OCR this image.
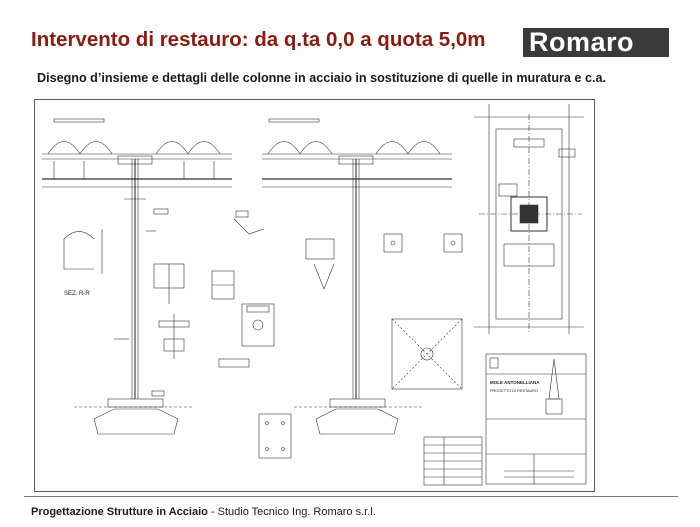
Intervento di restauro: da q.ta 0,0 a quota 5,0m Romaro
Disegno d’insieme e dettagli delle colonne in acciaio in sostituzione di quelle in muratura e c.a.
SEZ. R-R
MOLE ANTONELLIANA
PROGETTO DI RESTAURO
Progettazione Strutture in Acciaio - Studio Tecnico Ing. Romaro s.r.l.
